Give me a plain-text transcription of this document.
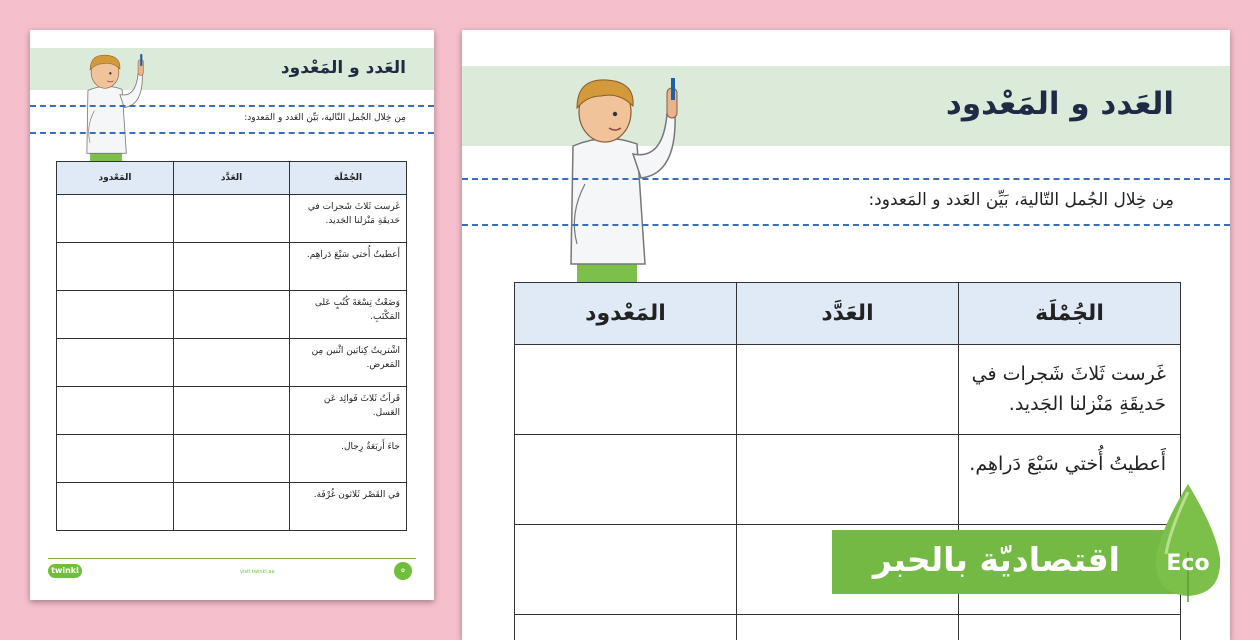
العَدد و المَعْدود
مِن خِلال الجُمل التّالية، بَيِّن العَدد و المَعدود:
الجُمْلَة	العَدَّد	المَعْدود
غَرست ثَلاثَ شَجرات في حَديقَةِ مَنْزلنا الجَديد.		
أَعطيتُ أُختي سَبْعَ دَراهِم.		
وَضَعْتُ تِسْعَةَ كُتُبٍ عَلى المَكْتَبِ.		
اشْتريتُ كِتابَين اثْنين مِن المَعرض.		
قَرأتُ ثَلاثَ فَوائِد عَن العَسل.		
جاءَ أَربَعَةُ رِجال.		
في القَصْر ثَلاثون غُرْفَة.		
twinkl	visit twinkl.ae	✿
العَدد و المَعْدود
مِن خِلال الجُمل التّالية، بَيِّن العَدد و المَعدود:
الجُمْلَة	العَدَّد	المَعْدود
غَرست ثَلاثَ شَجرات في حَديقَةِ مَنْزلنا الجَديد.		
أَعطيتُ أُختي سَبْعَ دَراهِم.		

اقتصاديّة بالحبر Eco
